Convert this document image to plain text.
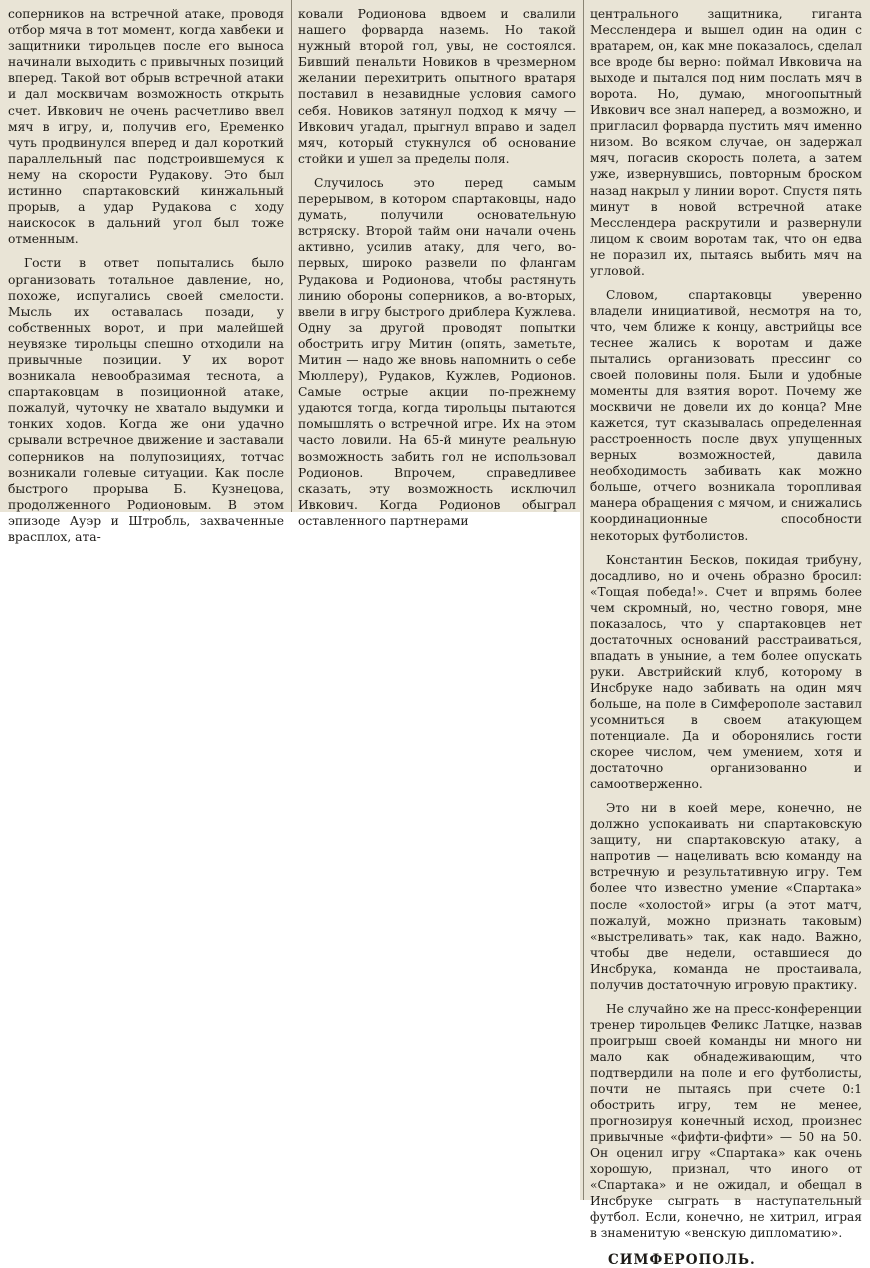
соперников на встречной атаке, проводя отбор мяча в тот момент, когда хавбеки и защитники тирольцев после его выноса начинали выходить с привычных позиций вперед. Такой вот обрыв встречной атаки и дал москвичам возможность открыть счет. Ивкович не очень расчетливо ввел мяч в игру, и, получив его, Еременко чуть продвинулся вперед и дал короткий параллельный пас подстроившемуся к нему на скорости Рудакову. Это был истинно спартаковский кинжальный прорыв, а удар Рудакова с ходу наискосок в дальний угол был тоже отменным.

Гости в ответ попытались было организовать тотальное давление, но, похоже, испугались своей смелости. Мысль их оставалась позади, у собственных ворот, и при малейшей неувязке тирольцы спешно отходили на привычные позиции. У их ворот возникала невообразимая теснота, а спартаковцам в позиционной атаке, пожалуй, чуточку не хватало выдумки и тонких ходов. Когда же они удачно срывали встречное движение и заставали соперников на полупозициях, тотчас возникали голевые ситуации. Как после быстрого прорыва Б. Кузнецова, продолженного Родионовым. В этом эпизоде Ауэр и Штробль, захваченные врасплох, ата-

ковали Родионова вдвоем и свалили нашего форварда наземь. Но такой нужный второй гол, увы, не состоялся. Бивший пенальти Новиков в чрезмерном желании перехитрить опытного вратаря поставил в незавидные условия самого себя. Новиков затянул подход к мячу — Ивкович угадал, прыгнул вправо и задел мяч, который стукнулся об основание стойки и ушел за пределы поля.

Случилось это перед самым перерывом, в котором спартаковцы, надо думать, получили основательную встряску. Второй тайм они начали очень активно, усилив атаку, для чего, во-первых, широко развели по флангам Рудакова и Родионова, чтобы растянуть линию обороны соперников, а во-вторых, ввели в игру быстрого дриблера Кужлева. Одну за другой проводят попытки обострить игру Митин (опять, заметьте, Митин — надо же вновь напомнить о себе Мюллеру), Рудаков, Кужлев, Родионов. Самые острые акции по-прежнему удаются тогда, когда тирольцы пытаются помышлять о встречной игре. Их на этом часто ловили. На 65-й минуте реальную возможность забить гол не использовал Родионов. Впрочем, справедливее сказать, эту возможность исключил Ивкович. Когда Родионов обыграл оставленного партнерами

центрального защитника, гиганта Месслендера и вышел один на один с вратарем, он, как мне показалось, сделал все вроде бы верно: поймал Ивковича на выходе и пытался под ним послать мяч в ворота. Но, думаю, многоопытный Ивкович все знал наперед, а возможно, и пригласил форварда пустить мяч именно низом. Во всяком случае, он задержал мяч, погасив скорость полета, а затем уже, извернувшись, повторным броском назад накрыл у линии ворот. Спустя пять минут в новой встречной атаке Месслендера раскрутили и развернули лицом к своим воротам так, что он едва не поразил их, пытаясь выбить мяч на угловой.

Словом, спартаковцы уверенно владели инициативой, несмотря на то, что, чем ближе к концу, австрийцы все теснее жались к воротам и даже пытались организовать прессинг со своей половины поля. Были и удобные моменты для взятия ворот. Почему же москвичи не довели их до конца? Мне кажется, тут сказывалась определенная расстроенность после двух упущенных верных возможностей, давила необходимость забивать как можно больше, отчего возникала торопливая манера обращения с мячом, и снижались координационные способности некоторых футболистов.

Константин Бесков, покидая трибуну, досадливо, но и очень образно бросил: «Тощая победа!». Счет и впрямь более чем скромный, но, честно говоря, мне показалось, что у спартаковцев нет достаточных оснований расстраиваться, впадать в уныние, а тем более опускать руки. Австрийский клуб, которому в Инсбруке надо забивать на один мяч больше, на поле в Симферополе заставил усомниться в своем атакующем потенциале. Да и оборонялись гости скорее числом, чем умением, хотя и достаточно организованно и самоотверженно.

Это ни в коей мере, конечно, не должно успокаивать ни спартаковскую защиту, ни спартаковскую атаку, а напротив — нацеливать всю команду на встречную и результативную игру. Тем более что известно умение «Спартака» после «холостой» игры (а этот матч, пожалуй, можно признать таковым) «выстреливать» так, как надо. Важно, чтобы две недели, оставшиеся до Инсбрука, команда не простаивала, получив достаточную игровую практику.

Не случайно же на пресс-конференции тренер тирольцев Феликс Латцке, назвав проигрыш своей команды ни много ни мало как обнадеживающим, что подтвердили на поле и его футболисты, почти не пытаясь при счете 0:1 обострить игру, тем не менее, прогнозируя конечный исход, произнес привычные «фифти-фифти» — 50 на 50. Он оценил игру «Спартака» как очень хорошую, признал, что иного от «Спартака» и не ожидал, и обещал в Инсбруке сыграть в наступательный футбол. Если, конечно, не хитрил, играя в знаменитую «венскую дипломатию».

СИМФЕРОПОЛЬ.
